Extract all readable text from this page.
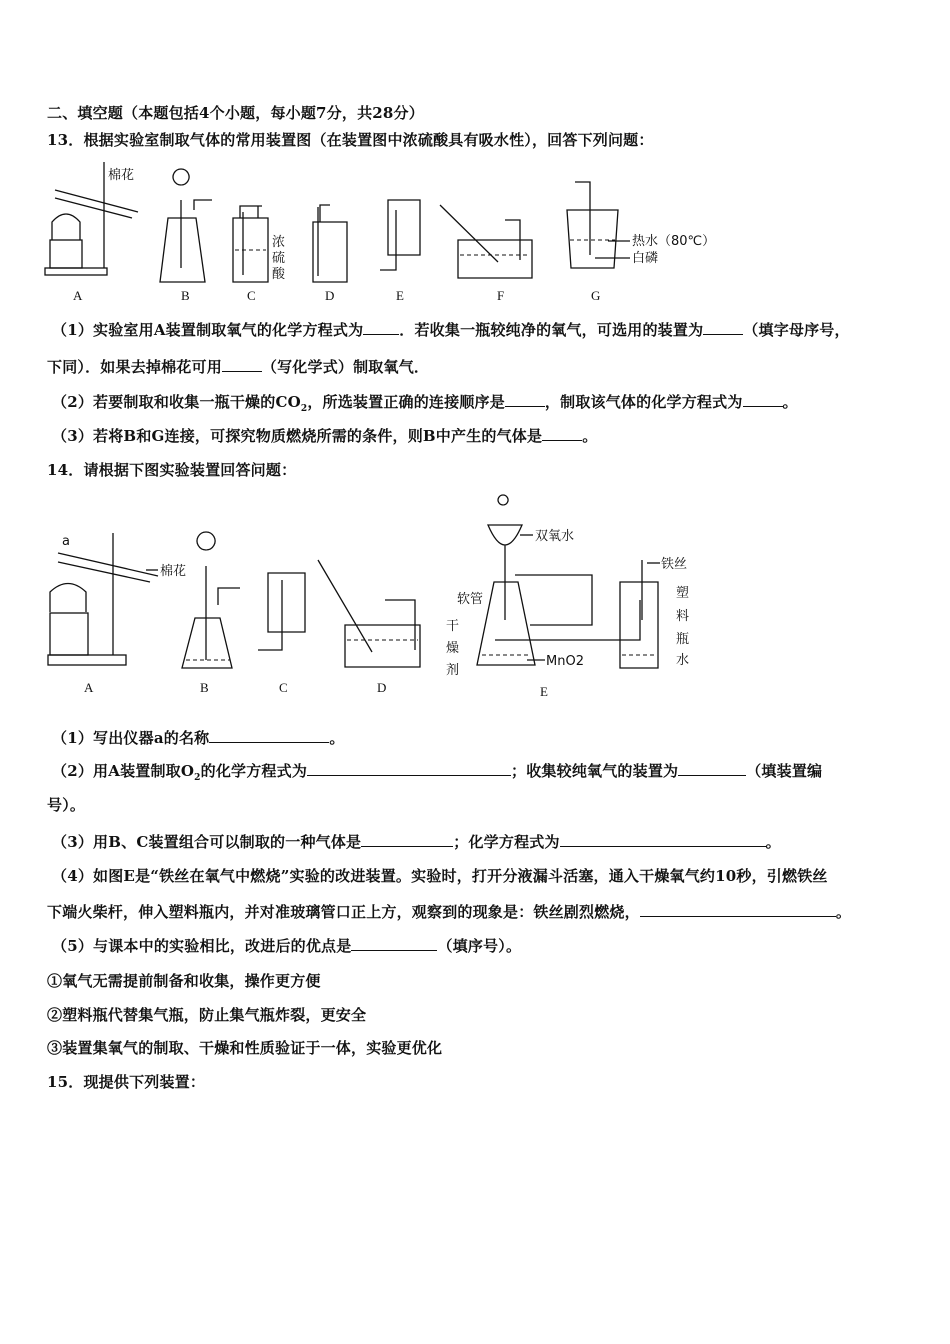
二、填空题（本题包括4个小题，每小题7分，共28分）
13．根据实验室制取气体的常用装置图（在装置图中浓硫酸具有吸水性），回答下列问题：
棉花
浓
硫
酸
热水（80℃）
白磷
A	B	C	D	E	F	G
a
棉花
双氧水
软管
干
燥
剂
MnO2
铁丝
塑
料
瓶
水
A	B	C	D	E
（1）实验室用A装置制取氧气的化学方程式为 ．若收集一瓶较纯净的氧气，可选用的装置为	（填字母序号，
下同）．如果去掉棉花可用	（写化学式）制取氧气．
（2）若要制取和收集一瓶干燥的$CO_2$，所选装置正确的连接顺序是	，制取该气体的化学方程式为	。
（3）若将B和G连接，可探究物质燃烧所需的条件，则B中产生的气体是	。
14．请根据下图实验装置回答问题：
（1）写出仪器a的名称	。
（2）用A装置制取$O_2$的化学方程式为	；收集较纯氧气的装置为	（填装置编
号）。
（3）用B、C装置组合可以制取的一种气体是	；化学方程式为	。
（4）如图E是“铁丝在氧气中燃烧”实验的改进装置。实验时，打开分液漏斗活塞，通入干燥氧气约10秒，引燃铁丝
下端火柴杆，伸入塑料瓶内，并对准玻璃管口正上方，观察到的现象是：铁丝剧烈燃烧，	。
（5）与课本中的实验相比，改进后的优点是	（填序号）。
①氧气无需提前制备和收集，操作更方便
②塑料瓶代替集气瓶，防止集气瓶炸裂，更安全
③装置集氧气的制取、干燥和性质验证于一体，实验更优化
15．现提供下列装置：
